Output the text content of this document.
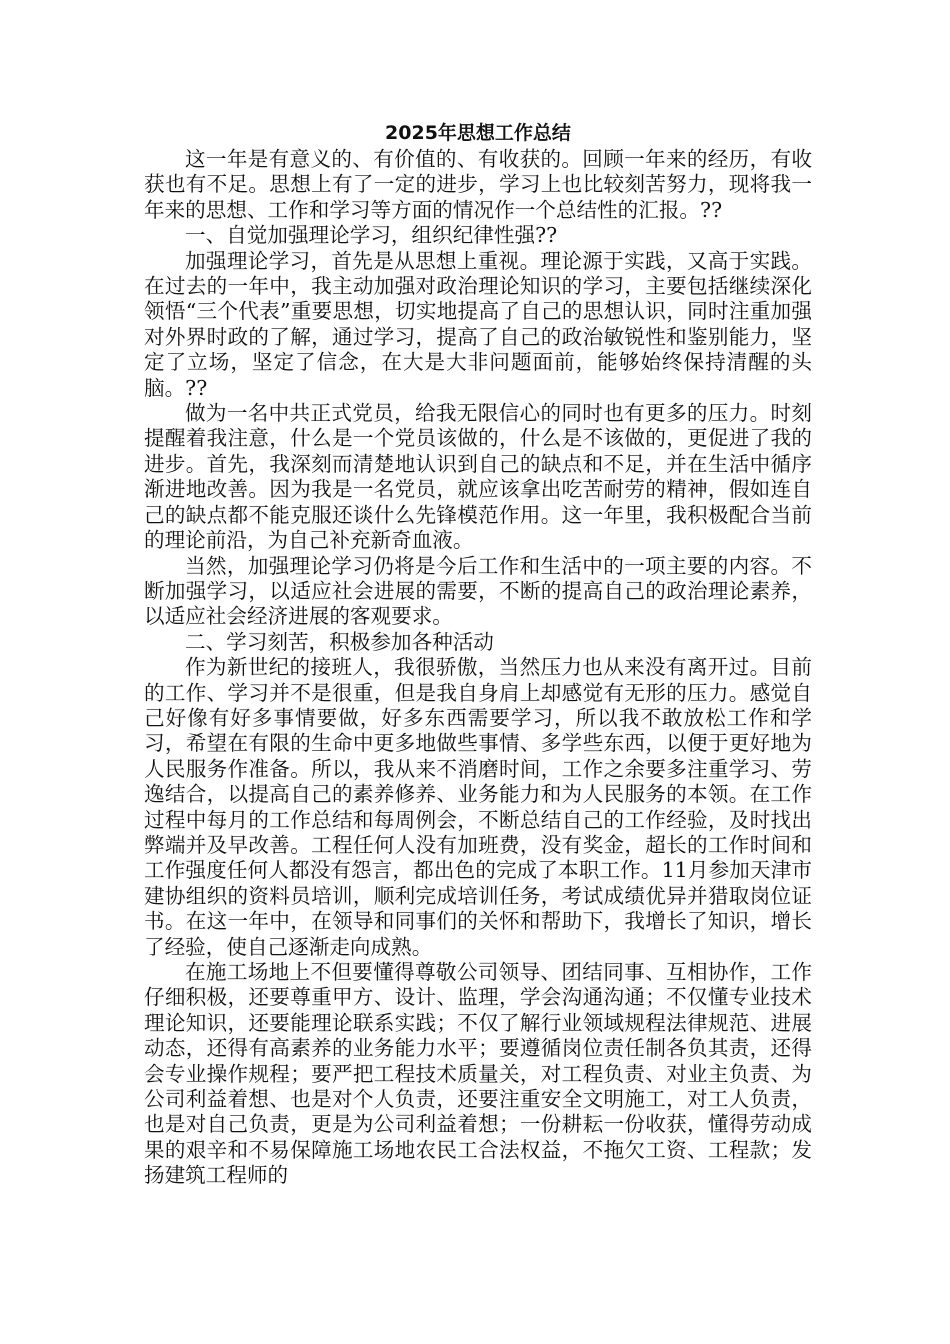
2025年思想工作总结

这一年是有意义的、有价值的、有收获的。回顾一年来的经历，有收获也有不足。思想上有了一定的进步，学习上也比较刻苦努力，现将我一年来的思想、工作和学习等方面的情况作一个总结性的汇报。??

一、自觉加强理论学习，组织纪律性强??

加强理论学习，首先是从思想上重视。理论源于实践，又高于实践。在过去的一年中，我主动加强对政治理论知识的学习，主要包括继续深化领悟“三个代表”重要思想，切实地提高了自己的思想认识，同时注重加强对外界时政的了解，通过学习，提高了自己的政治敏锐性和鉴别能力，坚定了立场，坚定了信念，在大是大非问题面前，能够始终保持清醒的头脑。??

做为一名中共正式党员，给我无限信心的同时也有更多的压力。时刻提醒着我注意，什么是一个党员该做的，什么是不该做的，更促进了我的进步。首先，我深刻而清楚地认识到自己的缺点和不足，并在生活中循序渐进地改善。因为我是一名党员，就应该拿出吃苦耐劳的精神，假如连自己的缺点都不能克服还谈什么先锋模范作用。这一年里，我积极配合当前的理论前沿，为自己补充新奇血液。

当然，加强理论学习仍将是今后工作和生活中的一项主要的内容。不断加强学习，以适应社会进展的需要，不断的提高自己的政治理论素养，以适应社会经济进展的客观要求。

二、学习刻苦，积极参加各种活动

作为新世纪的接班人，我很骄傲，当然压力也从来没有离开过。目前的工作、学习并不是很重，但是我自身肩上却感觉有无形的压力。感觉自己好像有好多事情要做，好多东西需要学习，所以我不敢放松工作和学习，希望在有限的生命中更多地做些事情、多学些东西，以便于更好地为人民服务作准备。所以，我从来不消磨时间，工作之余要多注重学习、劳逸结合，以提高自己的素养修养、业务能力和为人民服务的本领。在工作过程中每月的工作总结和每周例会，不断总结自己的工作经验，及时找出弊端并及早改善。工程任何人没有加班费，没有奖金，超长的工作时间和工作强度任何人都没有怨言，都出色的完成了本职工作。11月参加天津市建协组织的资料员培训，顺利完成培训任务，考试成绩优异并猎取岗位证书。在这一年中，在领导和同事们的关怀和帮助下，我增长了知识，增长了经验，使自己逐渐走向成熟。

在施工场地上不但要懂得尊敬公司领导、团结同事、互相协作，工作仔细积极，还要尊重甲方、设计、监理，学会沟通沟通；不仅懂专业技术理论知识，还要能理论联系实践；不仅了解行业领域规程法律规范、进展动态，还得有高素养的业务能力水平；要遵循岗位责任制各负其责，还得会专业操作规程；要严把工程技术质量关，对工程负责、对业主负责、为公司利益着想、也是对个人负责，还要注重安全文明施工，对工人负责，也是对自己负责，更是为公司利益着想；一份耕耘一份收获，懂得劳动成果的艰辛和不易保障施工场地农民工合法权益，不拖欠工资、工程款；发扬建筑工程师的
